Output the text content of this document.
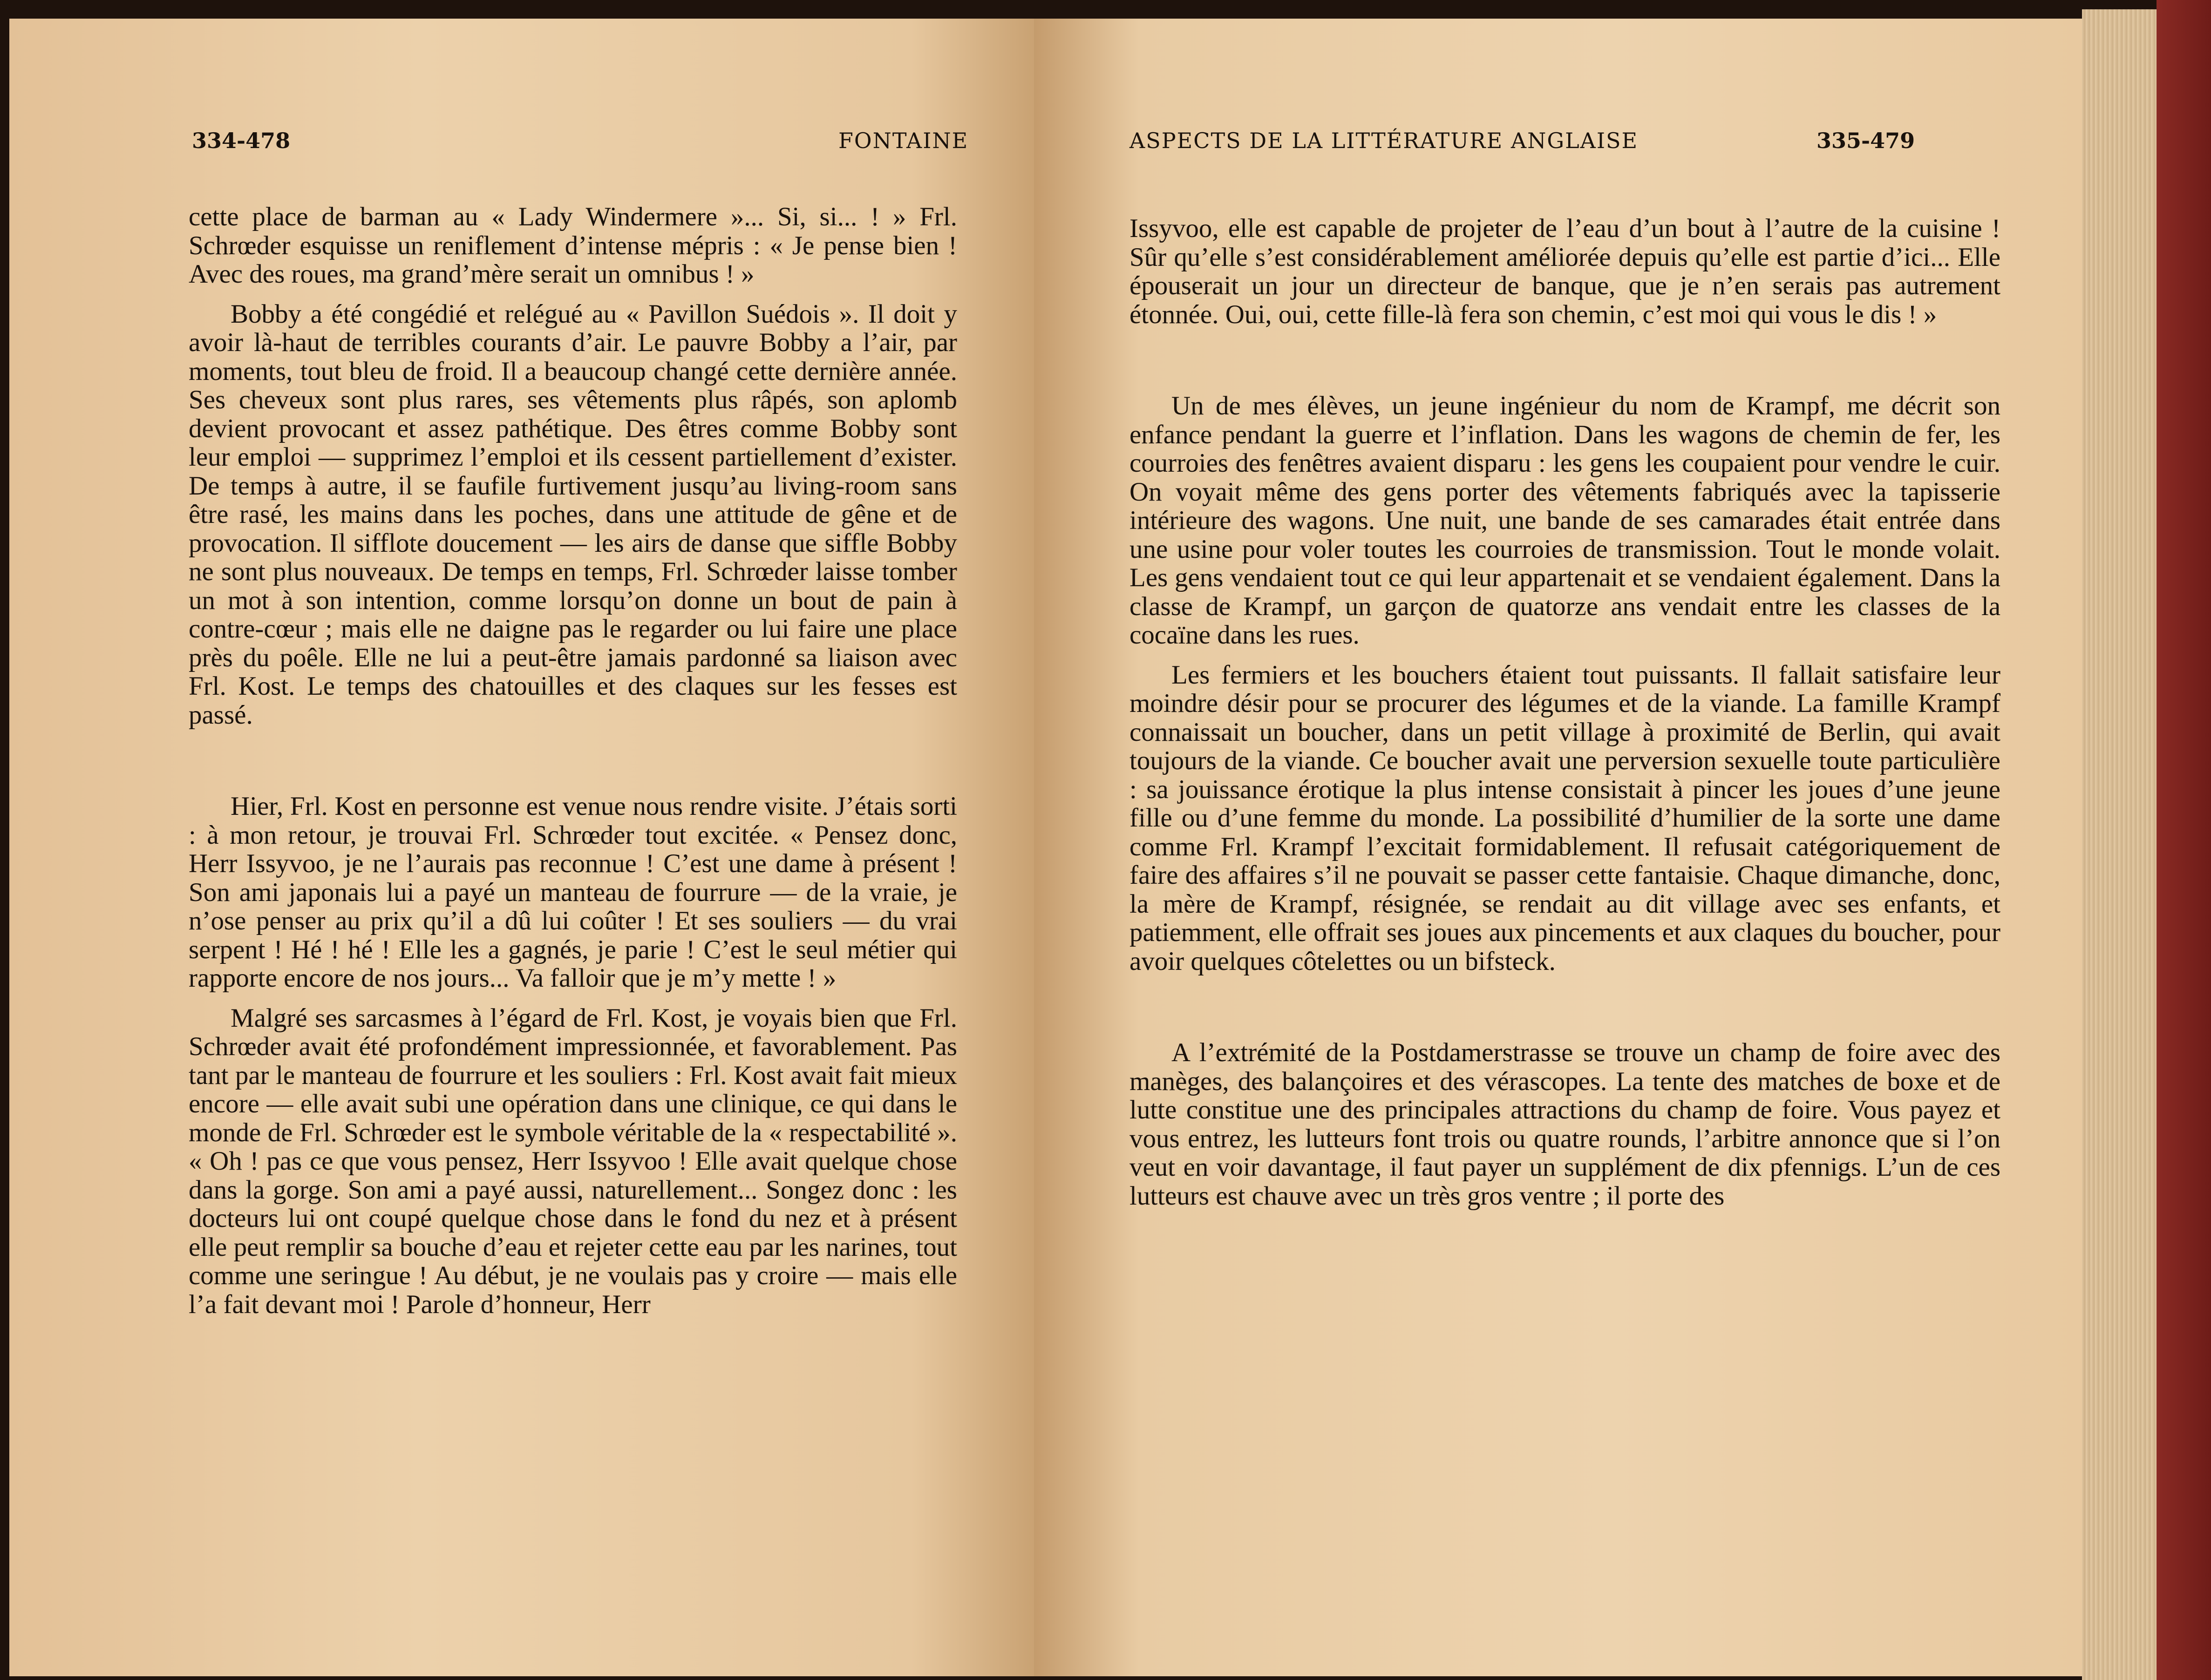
334-478	FONTAINE

cette place de barman au « Lady Windermere »... Si, si... ! » Frl. Schrœder esquisse un reniflement d’intense mépris : « Je pense bien ! Avec des roues, ma grand’mère serait un omnibus ! »

Bobby a été congédié et relégué au « Pavillon Suédois ». Il doit y avoir là-haut de terribles courants d’air. Le pauvre Bobby a l’air, par moments, tout bleu de froid. Il a beaucoup changé cette dernière année. Ses cheveux sont plus rares, ses vêtements plus râpés, son aplomb devient provocant et assez pathétique. Des êtres comme Bobby sont leur emploi — supprimez l’emploi et ils cessent partiellement d’exister. De temps à autre, il se faufile furtivement jusqu’au living-room sans être rasé, les mains dans les poches, dans une attitude de gêne et de provocation. Il sifflote doucement — les airs de danse que siffle Bobby ne sont plus nouveaux. De temps en temps, Frl. Schrœder laisse tomber un mot à son intention, comme lorsqu’on donne un bout de pain à contre-cœur ; mais elle ne daigne pas le regarder ou lui faire une place près du poêle. Elle ne lui a peut-être jamais pardonné sa liaison avec Frl. Kost. Le temps des chatouilles et des claques sur les fesses est passé.

Hier, Frl. Kost en personne est venue nous rendre visite. J’étais sorti : à mon retour, je trouvai Frl. Schrœder tout excitée. « Pensez donc, Herr Issyvoo, je ne l’aurais pas reconnue ! C’est une dame à présent ! Son ami japonais lui a payé un manteau de fourrure — de la vraie, je n’ose penser au prix qu’il a dû lui coûter ! Et ses souliers — du vrai serpent ! Hé ! hé ! Elle les a gagnés, je parie ! C’est le seul métier qui rapporte encore de nos jours... Va falloir que je m’y mette ! »

Malgré ses sarcasmes à l’égard de Frl. Kost, je voyais bien que Frl. Schrœder avait été profondément impressionnée, et favorablement. Pas tant par le manteau de fourrure et les souliers : Frl. Kost avait fait mieux encore — elle avait subi une opération dans une clinique, ce qui dans le monde de Frl. Schrœder est le symbole véritable de la « respectabilité ». « Oh ! pas ce que vous pensez, Herr Issyvoo ! Elle avait quelque chose dans la gorge. Son ami a payé aussi, naturellement... Songez donc : les docteurs lui ont coupé quelque chose dans le fond du nez et à présent elle peut remplir sa bouche d’eau et rejeter cette eau par les narines, tout comme une seringue ! Au début, je ne voulais pas y croire — mais elle l’a fait devant moi ! Parole d’honneur, Herr

ASPECTS DE LA LITTÉRATURE ANGLAISE	335-479

Issyvoo, elle est capable de projeter de l’eau d’un bout à l’autre de la cuisine ! Sûr qu’elle s’est considérablement améliorée depuis qu’elle est partie d’ici... Elle épouserait un jour un directeur de banque, que je n’en serais pas autrement étonnée. Oui, oui, cette fille-là fera son chemin, c’est moi qui vous le dis ! »

Un de mes élèves, un jeune ingénieur du nom de Krampf, me décrit son enfance pendant la guerre et l’inflation. Dans les wagons de chemin de fer, les courroies des fenêtres avaient disparu : les gens les coupaient pour vendre le cuir. On voyait même des gens porter des vêtements fabriqués avec la tapisserie intérieure des wagons. Une nuit, une bande de ses camarades était entrée dans une usine pour voler toutes les courroies de transmission. Tout le monde volait. Les gens vendaient tout ce qui leur appartenait et se vendaient également. Dans la classe de Krampf, un garçon de quatorze ans vendait entre les classes de la cocaïne dans les rues.

Les fermiers et les bouchers étaient tout puissants. Il fallait satisfaire leur moindre désir pour se procurer des légumes et de la viande. La famille Krampf connaissait un boucher, dans un petit village à proximité de Berlin, qui avait toujours de la viande. Ce boucher avait une perversion sexuelle toute particulière : sa jouissance érotique la plus intense consistait à pincer les joues d’une jeune fille ou d’une femme du monde. La possibilité d’humilier de la sorte une dame comme Frl. Krampf l’excitait formidablement. Il refusait catégoriquement de faire des affaires s’il ne pouvait se passer cette fantaisie. Chaque dimanche, donc, la mère de Krampf, résignée, se rendait au dit village avec ses enfants, et patiemment, elle offrait ses joues aux pincements et aux claques du boucher, pour avoir quelques côtelettes ou un bifsteck.

A l’extrémité de la Postdamerstrasse se trouve un champ de foire avec des manèges, des balançoires et des vérascopes. La tente des matches de boxe et de lutte constitue une des principales attractions du champ de foire. Vous payez et vous entrez, les lutteurs font trois ou quatre rounds, l’arbitre annonce que si l’on veut en voir davantage, il faut payer un supplément de dix pfennigs. L’un de ces lutteurs est chauve avec un très gros ventre ; il porte des
